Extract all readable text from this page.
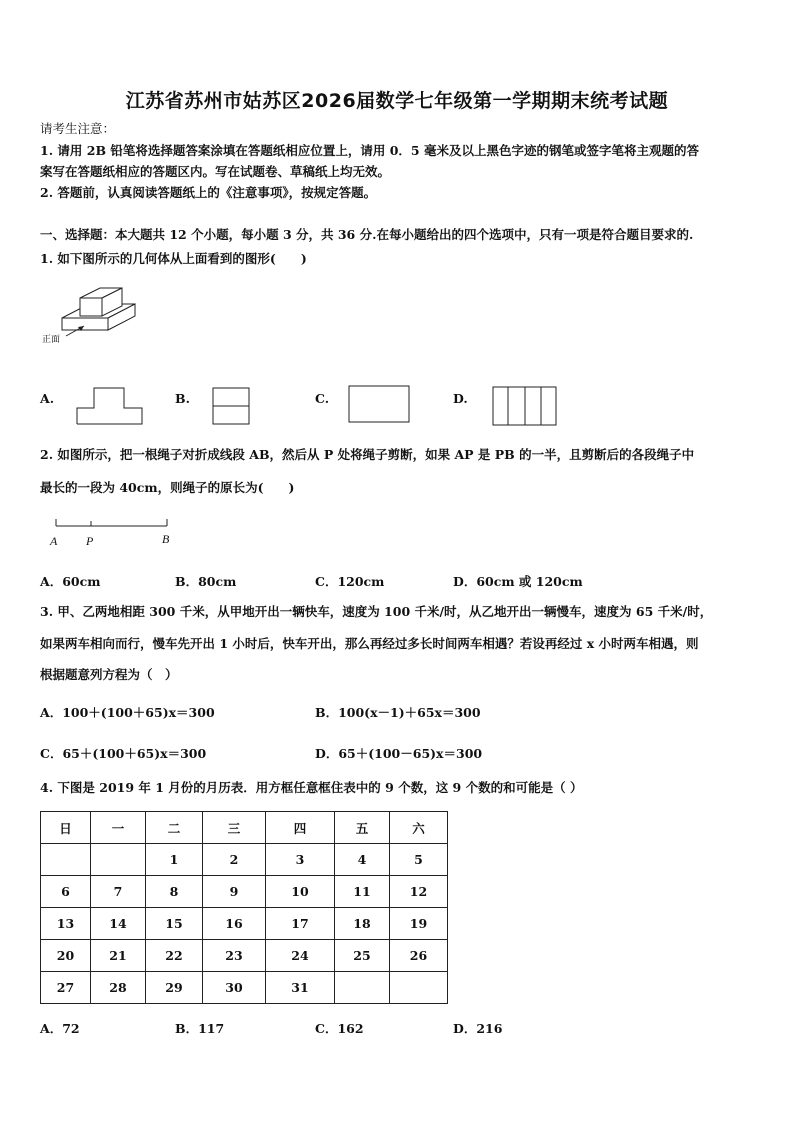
江苏省苏州市姑苏区2026届数学七年级第一学期期末统考试题
请考生注意：
1. 请用 2B 铅笔将选择题答案涂填在答题纸相应位置上，请用 0．5 毫米及以上黑色字迹的钢笔或签字笔将主观题的答
案写在答题纸相应的答题区内。写在试题卷、草稿纸上均无效。
2. 答题前，认真阅读答题纸上的《注意事项》，按规定答题。
一、选择题：本大题共 12 个小题，每小题 3 分，共 36 分.在每小题给出的四个选项中，只有一项是符合题目要求的.
1. 如下图所示的几何体从上面看到的图形(　　)
正面
A.	B.	C.	D.
2. 如图所示，把一根绳子对折成线段 AB，然后从 P 处将绳子剪断，如果 AP 是 PB 的一半，且剪断后的各段绳子中
最长的一段为 40cm，则绳子的原长为(　　)
A P	B
A．60cm	B．80cm	C．120cm	D．60cm 或 120cm
3. 甲、乙两地相距 300 千米，从甲地开出一辆快车，速度为 100 千米/时，从乙地开出一辆慢车，速度为 65 千米/时，
如果两车相向而行，慢车先开出 1 小时后，快车开出，那么再经过多长时间两车相遇？若设再经过 x 小时两车相遇，则
根据题意列方程为（　）
A．100＋(100＋65)x＝300	B．100(x－1)＋65x＝300
C．65＋(100＋65)x＝300	D．65＋(100－65)x＝300
4. 下图是 2019 年 1 月份的月历表．用方框任意框住表中的 9 个数，这 9 个数的和可能是（ ）
日	一	二	三	四	五	六
		1	2	3	4	5
6	7	8	9	10	11	12
13	14	15	16	17	18	19
20	21	22	23	24	25	26
27	28	29	30	31		
A．72	B．117	C．162	D．216
